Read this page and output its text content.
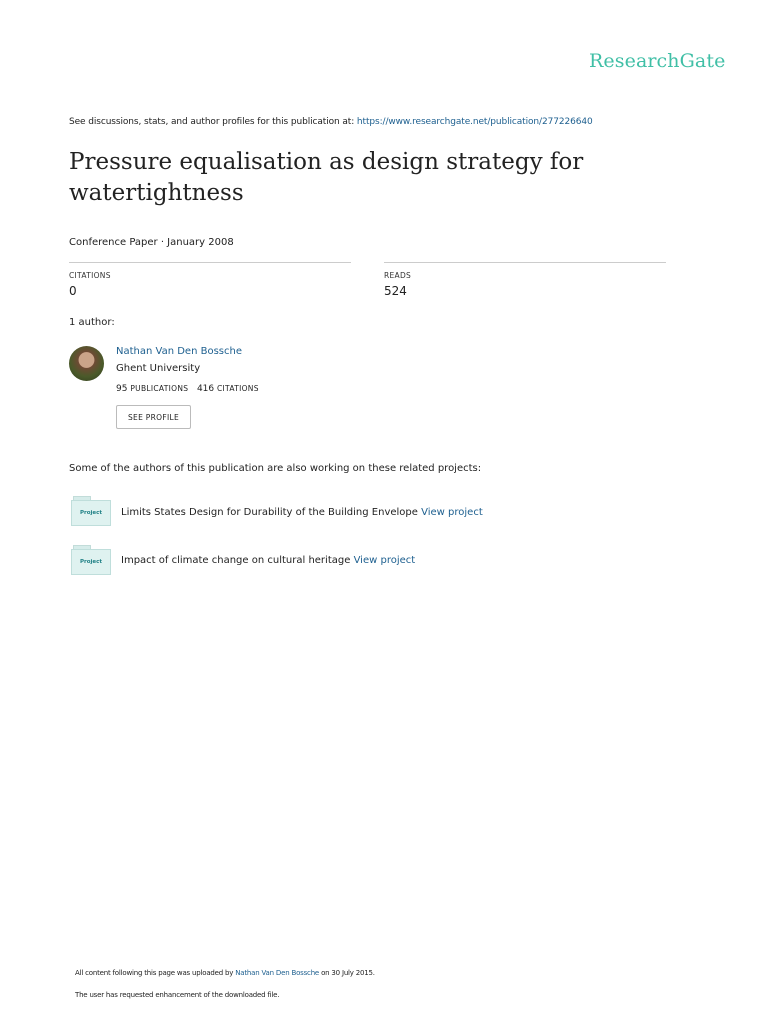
ResearchGate
See discussions, stats, and author profiles for this publication at: https://www.researchgate.net/publication/277226640
Pressure equalisation as design strategy for watertightness
Conference Paper · January 2008
CITATIONS
0
READS
524
1 author:
Nathan Van Den Bossche
Ghent University
95 PUBLICATIONS 416 CITATIONS
SEE PROFILE
Some of the authors of this publication are also working on these related projects:
Project	Limits States Design for Durability of the Building Envelope View project
Project	Impact of climate change on cultural heritage View project
All content following this page was uploaded by Nathan Van Den Bossche on 30 July 2015.
The user has requested enhancement of the downloaded file.
